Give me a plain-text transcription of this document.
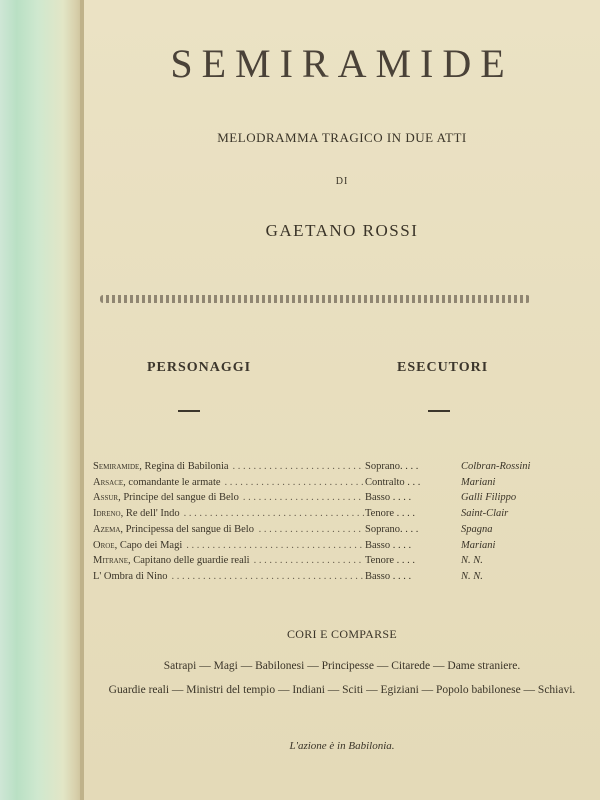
SEMIRAMIDE
MELODRAMMA TRAGICO IN DUE ATTI
DI
GAETANO ROSSI
PERSONAGGI	ESECUTORI
Semiramide, Regina di Babilonia . . . . . . . . . . . . . . . . . . . . . . . . . Soprano. . . .	Colbran-Rossini
Arsace, comandante le armate . . . . . . . . . . . . . . . . . . . . . . . . . . . Contralto . . .	Mariani
Assur, Principe del sangue di Belo . . . . . . . . . . . . . . . . . . . . . . . Basso . . . .	Galli Filippo
Idreno, Re dell' Indo . . . . . . . . . . . . . . . . . . . . . . . . . . . . . . . . . . . Tenore . . . .	Saint-Clair
Azema, Principessa del sangue di Belo . . . . . . . . . . . . . . . . . . . . Soprano. . . .	Spagna
Oroe, Capo dei Magi . . . . . . . . . . . . . . . . . . . . . . . . . . . . . . . . . . Basso . . . .	Mariani
Mitrane, Capitano delle guardie reali . . . . . . . . . . . . . . . . . . . . . Tenore . . . .	N. N.
L' Ombra di Nino . . . . . . . . . . . . . . . . . . . . . . . . . . . . . . . . . . . . . Basso . . . .	N. N.
CORI E COMPARSE
Satrapi — Magi — Babilonesi — Principesse — Citarede — Dame straniere.
Guardie reali — Ministri del tempio — Indiani — Sciti — Egiziani — Popolo babilonese — Schiavi.
L'azione è in Babilonia.
